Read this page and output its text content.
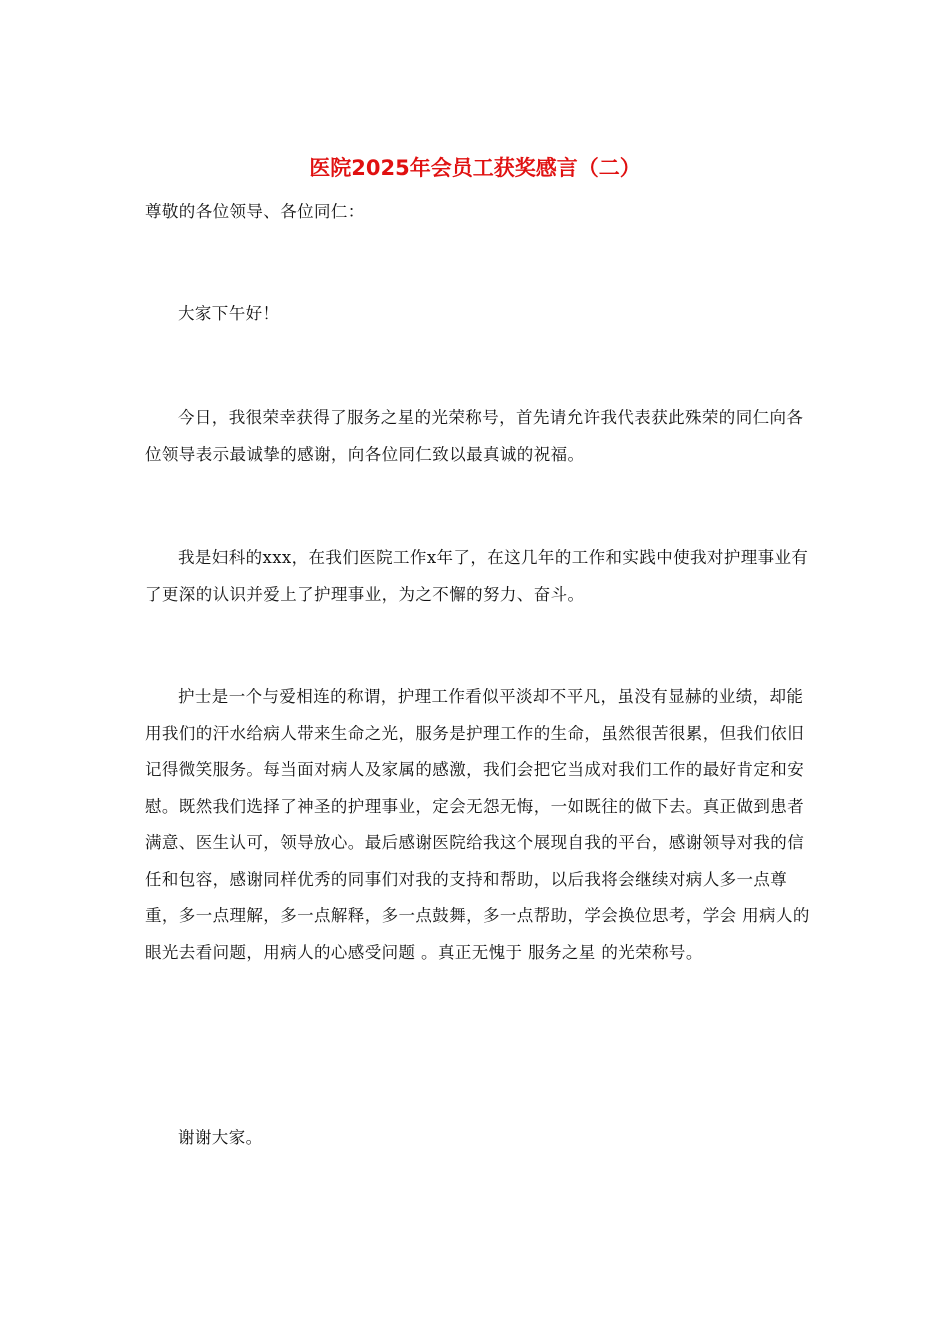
医院2025年会员工获奖感言（二）

尊敬的各位领导、各位同仁：

大家下午好！

今日，我很荣幸获得了服务之星的光荣称号，首先请允许我代表获此殊荣的同仁向各位领导表示最诚挚的感谢，向各位同仁致以最真诚的祝福。

我是妇科的xxx，在我们医院工作x年了，在这几年的工作和实践中使我对护理事业有了更深的认识并爱上了护理事业，为之不懈的努力、奋斗。

护士是一个与爱相连的称谓，护理工作看似平淡却不平凡，虽没有显赫的业绩，却能用我们的汗水给病人带来生命之光，服务是护理工作的生命，虽然很苦很累，但我们依旧记得微笑服务。每当面对病人及家属的感激，我们会把它当成对我们工作的最好肯定和安慰。既然我们选择了神圣的护理事业，定会无怨无悔，一如既往的做下去。真正做到患者满意、医生认可，领导放心。最后感谢医院给我这个展现自我的平台，感谢领导对我的信任和包容，感谢同样优秀的同事们对我的支持和帮助，以后我将会继续对病人多一点尊重，多一点理解，多一点解释，多一点鼓舞，多一点帮助，学会换位思考，学会 用病人的眼光去看问题，用病人的心感受问题 。真正无愧于 服务之星 的光荣称号。

谢谢大家。
